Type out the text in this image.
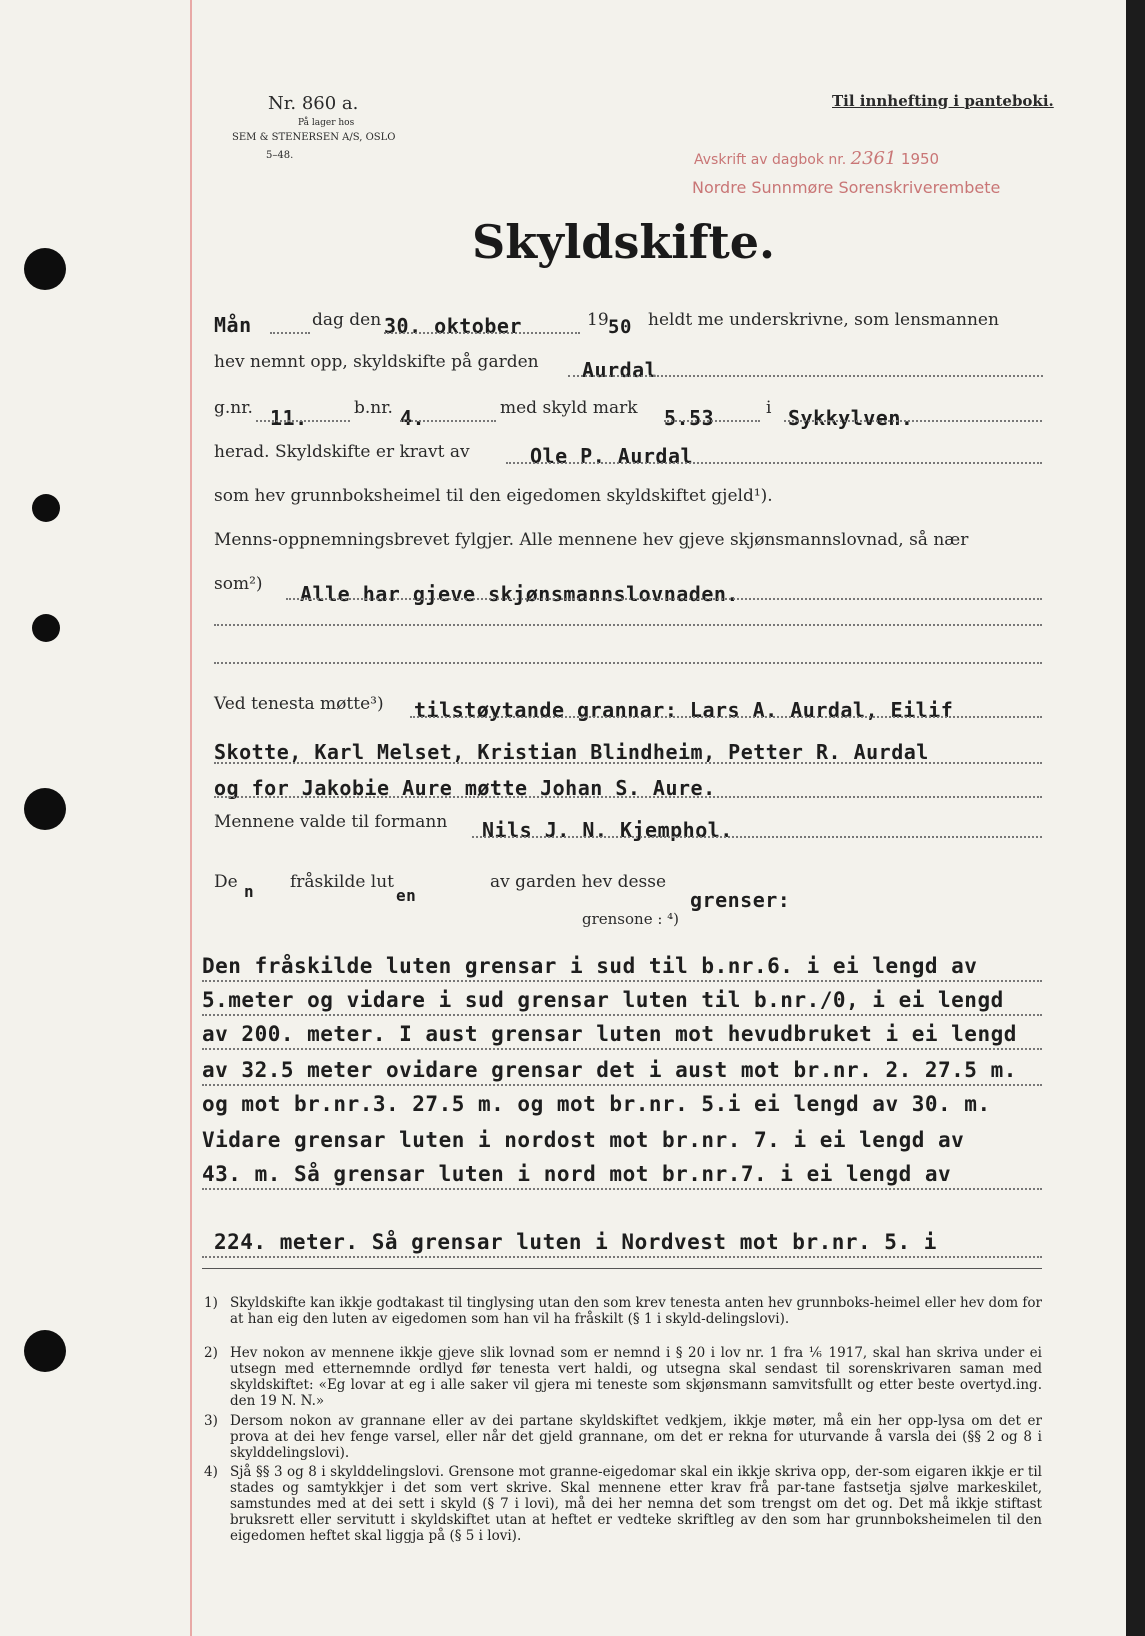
Nr. 860 a.
På lager hos
SEM & STENERSEN A/S, OSLO
5–48.
Til innhefting i panteboki.
Avskrift av dagbok nr. 2361 1950
Nordre Sunnmøre Sorenskriverembete
Skyldskifte.
Mån	dag den 30. oktober	19 50 heldt me underskrivne, som lensmannen
hev nemnt opp, skyldskifte på garden Aurdal
g.nr. 11.	b.nr. 4.	med skyld mark 5.53	i Sykkylven.
herad. Skyldskifte er kravt av	Ole P. Aurdal
som hev grunnboksheimel til den eigedomen skyldskiftet gjeld¹).
Menns-oppnemningsbrevet fylgjer. Alle mennene hev gjeve skjønsmannslovnad, så nær
som²) Alle har gjeve skjønsmannslovnaden.
Ved tenesta møtte³) tilstøytande grannar: Lars A. Aurdal, Eilif
Skotte, Karl Melset, Kristian Blindheim, Petter R. Aurdal
og for Jakobie Aure møtte Johan S. Aure.
Mennene valde til formann Nils J. N. Kjemphol.
De n fråskilde lut
en
av garden hev desse
grenser:
grensone : ⁴)
Den fråskilde luten grensar i sud til b.nr.6. i ei lengd av
5.meter og vidare i sud grensar luten til b.nr./0, i ei lengd
av 200. meter. I aust grensar luten mot hevudbruket i ei lengd
av 32.5 meter ovidare grensar det i aust mot br.nr. 2. 27.5 m.
og mot br.nr.3. 27.5 m. og mot br.nr. 5.i ei lengd av 30. m.
Vidare grensar luten i nordost mot br.nr. 7. i ei lengd av
43. m. Så grensar luten i nord mot br.nr.7. i ei lengd av
224. meter. Så grensar luten i Nordvest mot br.nr. 5. i
1) Skyldskifte kan ikkje godtakast til tinglysing utan den som krev tenesta anten hev grunnboks-heimel eller hev dom for at han eig den luten av eigedomen som han vil ha fråskilt (§ 1 i skyld-delingslovi).
2) Hev nokon av mennene ikkje gjeve slik lovnad som er nemnd i § 20 i lov nr. 1 fra ⅙ 1917, skal han skriva under ei utsegn med etternemnde ordlyd før tenesta vert haldi, og utsegna skal sendast til sorenskrivaren saman med skyldskiftet: «Eg lovar at eg i alle saker vil gjera mi teneste som skjønsmann samvitsfullt og etter beste overtyd.ing. den 19 N. N.»
3) Dersom nokon av grannane eller av dei partane skyldskiftet vedkjem, ikkje møter, må ein her opp-lysa om det er prova at dei hev fenge varsel, eller når det gjeld grannane, om det er rekna for uturvande å varsla dei (§§ 2 og 8 i skylddelingslovi).
4) Sjå §§ 3 og 8 i skylddelingslovi. Grensone mot granne-eigedomar skal ein ikkje skriva opp, der-som eigaren ikkje er til stades og samtykkjer i det som vert skrive. Skal mennene etter krav frå par-tane fastsetja sjølve markeskilet, samstundes med at dei sett i skyld (§ 7 i lovi), må dei her nemna det som trengst om det og. Det må ikkje stiftast bruksrett eller servitutt i skyldskiftet utan at heftet er vedteke skriftleg av den som har grunnboksheimelen til den eigedomen heftet skal liggja på (§ 5 i lovi).
